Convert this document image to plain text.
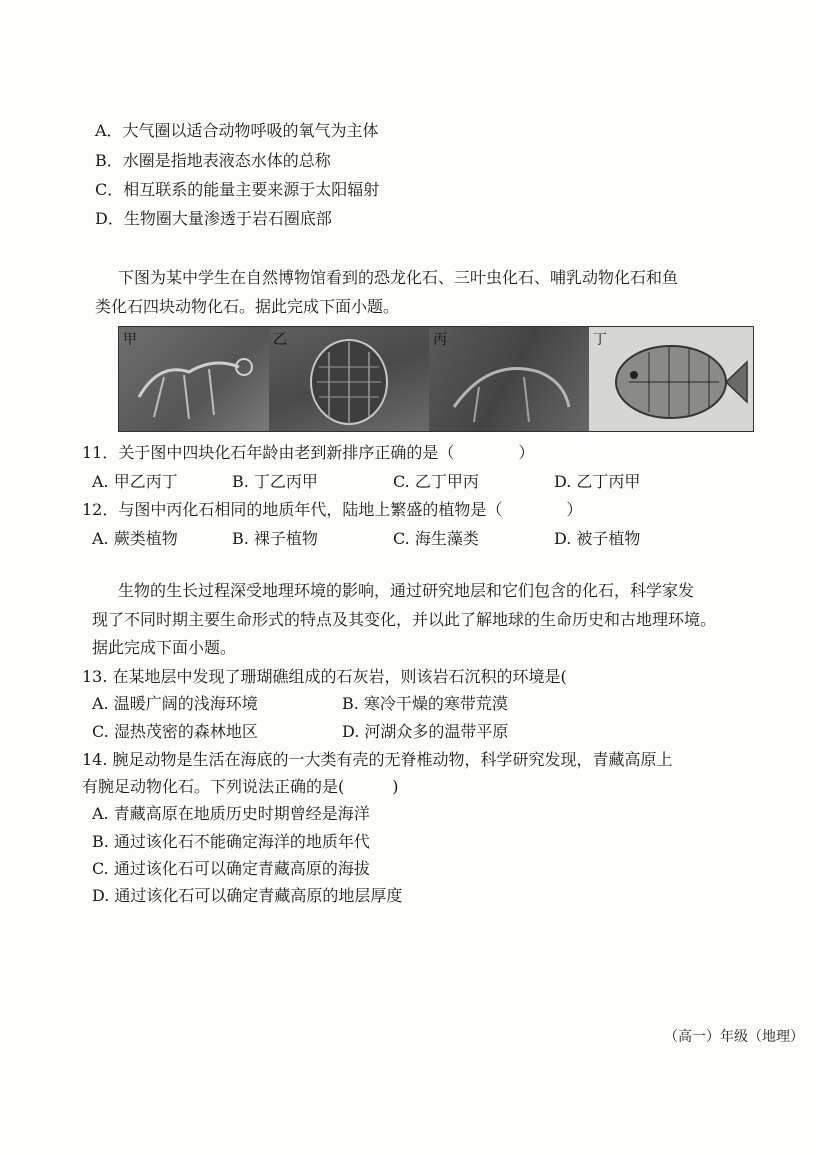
A．大气圈以适合动物呼吸的氧气为主体
B．水圈是指地表液态水体的总称
C．相互联系的能量主要来源于太阳辐射
D．生物圈大量渗透于岩石圈底部
下图为某中学生在自然博物馆看到的恐龙化石、三叶虫化石、哺乳动物化石和鱼
类化石四块动物化石。据此完成下面小题。
甲	乙	丙	丁
11．关于图中四块化石年龄由老到新排序正确的是（　　　　）
A. 甲乙丙丁	B. 丁乙丙甲	C. 乙丁甲丙	D. 乙丁丙甲
12．与图中丙化石相同的地质年代，陆地上繁盛的植物是（　　　　）
A. 蕨类植物	B. 裸子植物	C. 海生藻类	D. 被子植物
生物的生长过程深受地理环境的影响，通过研究地层和它们包含的化石，科学家发
现了不同时期主要生命形式的特点及其变化，并以此了解地球的生命历史和古地理环境。
据此完成下面小题。
13. 在某地层中发现了珊瑚礁组成的石灰岩，则该岩石沉积的环境是(
A. 温暖广阔的浅海环境	B. 寒冷干燥的寒带荒漠
C. 湿热茂密的森林地区	D. 河湖众多的温带平原
14. 腕足动物是生活在海底的一大类有壳的无脊椎动物，科学研究发现，青藏高原上
有腕足动物化石。下列说法正确的是(　　　)
A. 青藏高原在地质历史时期曾经是海洋
B. 通过该化石不能确定海洋的地质年代
C. 通过该化石可以确定青藏高原的海拔
D. 通过该化石可以确定青藏高原的地层厚度
（高一）年级（地理）
